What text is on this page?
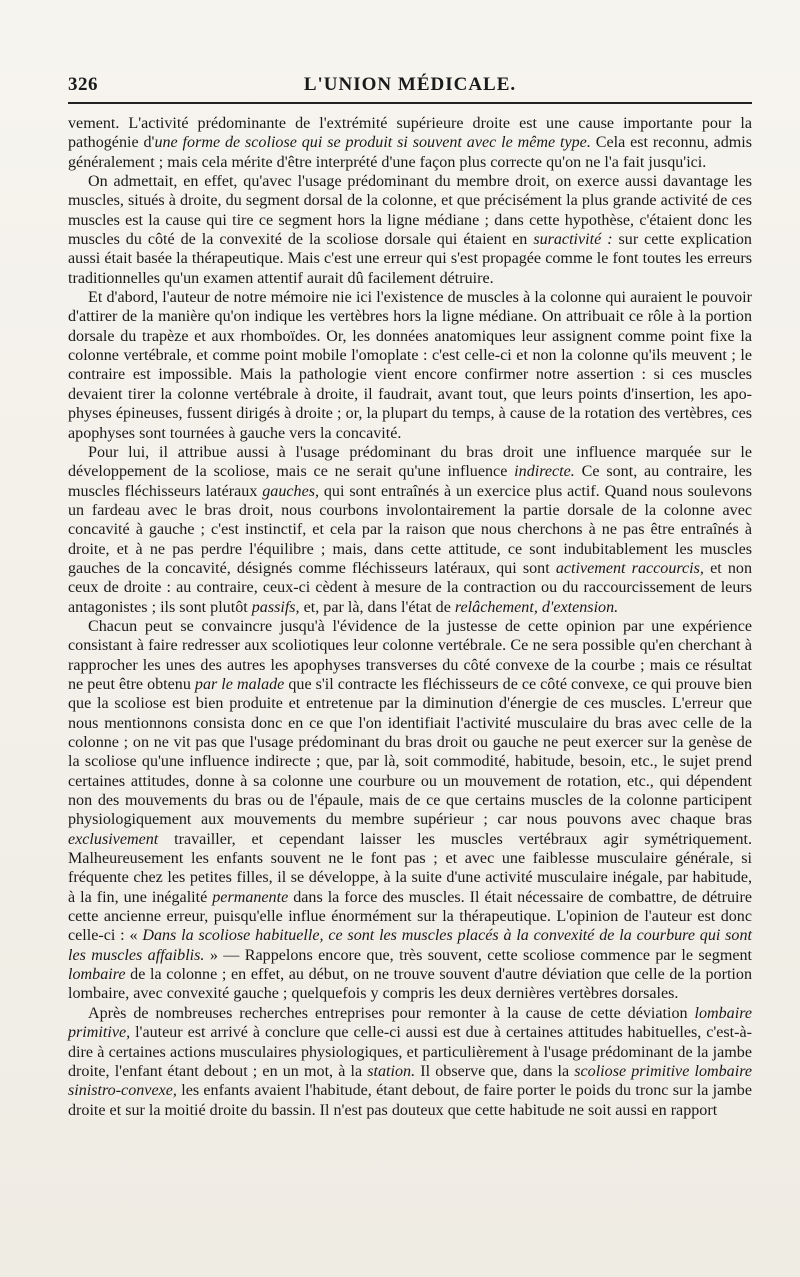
326	L'UNION MÉDICALE.

vement. L'activité prédominante de l'extrémité supérieure droite est une cause importante pour la pathogénie d'une forme de scoliose qui se produit si souvent avec le même type. Cela est reconnu, admis généralement ; mais cela mérite d'être interprété d'une façon plus correcte qu'on ne l'a fait jusqu'ici.

On admettait, en effet, qu'avec l'usage prédominant du membre droit, on exerce aussi davantage les muscles, situés à droite, du segment dorsal de la colonne, et que précisément la plus grande activité de ces muscles est la cause qui tire ce segment hors la ligne médiane ; dans cette hypothèse, c'étaient donc les muscles du côté de la convexité de la scoliose dorsale qui étaient en suractivité : sur cette explication aussi était basée la thérapeutique. Mais c'est une erreur qui s'est propagée comme le font toutes les erreurs traditionnelles qu'un examen attentif aurait dû facilement détruire.

Et d'abord, l'auteur de notre mémoire nie ici l'existence de muscles à la colonne qui auraient le pouvoir d'attirer de la manière qu'on indique les vertèbres hors la ligne médiane. On attribuait ce rôle à la portion dorsale du trapèze et aux rhomboïdes. Or, les données anatomiques leur assignent comme point fixe la colonne vertébrale, et comme point mobile l'omoplate : c'est celle-ci et non la colonne qu'ils meuvent ; le contraire est impossible. Mais la pathologie vient encore confirmer notre assertion : si ces muscles devaient tirer la colonne vertébrale à droite, il faudrait, avant tout, que leurs points d'insertion, les apophyses épineuses, fussent dirigés à droite ; or, la plupart du temps, à cause de la rotation des vertèbres, ces apophyses sont tournées à gauche vers la concavité.

Pour lui, il attribue aussi à l'usage prédominant du bras droit une influence marquée sur le développement de la scoliose, mais ce ne serait qu'une influence indirecte. Ce sont, au contraire, les muscles fléchisseurs latéraux gauches, qui sont entraînés à un exercice plus actif. Quand nous soulevons un fardeau avec le bras droit, nous courbons involontairement la partie dorsale de la colonne avec concavité à gauche ; c'est instinctif, et cela par la raison que nous cherchons à ne pas être entraînés à droite, et à ne pas perdre l'équilibre ; mais, dans cette attitude, ce sont indubitablement les muscles gauches de la concavité, désignés comme fléchisseurs latéraux, qui sont activement raccourcis, et non ceux de droite : au contraire, ceux-ci cèdent à mesure de la contraction ou du raccourcissement de leurs antagonistes ; ils sont plutôt passifs, et, par là, dans l'état de relâchement, d'extension.

Chacun peut se convaincre jusqu'à l'évidence de la justesse de cette opinion par une expérience consistant à faire redresser aux scoliotiques leur colonne vertébrale. Ce ne sera possible qu'en cherchant à rapprocher les unes des autres les apophyses transverses du côté convexe de la courbe ; mais ce résultat ne peut être obtenu par le malade que s'il contracte les fléchisseurs de ce côté convexe, ce qui prouve bien que la scoliose est bien produite et entretenue par la diminution d'énergie de ces muscles. L'erreur que nous mentionnons consista donc en ce que l'on identifiait l'activité musculaire du bras avec celle de la colonne ; on ne vit pas que l'usage prédominant du bras droit ou gauche ne peut exercer sur la genèse de la scoliose qu'une influence indirecte ; que, par là, soit commodité, habitude, besoin, etc., le sujet prend certaines attitudes, donne à sa colonne une courbure ou un mouvement de rotation, etc., qui dépendent non des mouvements du bras ou de l'épaule, mais de ce que certains muscles de la colonne participent physiologiquement aux mouvements du membre supérieur ; car nous pouvons avec chaque bras exclusivement travailler, et cependant laisser les muscles vertébraux agir symétriquement. Malheureusement les enfants souvent ne le font pas ; et avec une faiblesse musculaire générale, si fréquente chez les petites filles, il se développe, à la suite d'une activité musculaire inégale, par habitude, à la fin, une inégalité permanente dans la force des muscles. Il était nécessaire de combattre, de détruire cette ancienne erreur, puisqu'elle influe énormément sur la thérapeutique. L'opinion de l'auteur est donc celle-ci : « Dans la scoliose habituelle, ce sont les muscles placés à la convexité de la courbure qui sont les muscles affaiblis. » — Rappelons encore que, très souvent, cette scoliose commence par le segment lombaire de la colonne ; en effet, au début, on ne trouve souvent d'autre déviation que celle de la portion lombaire, avec convexité gauche ; quelquefois y compris les deux dernières vertèbres dorsales.

Après de nombreuses recherches entreprises pour remonter à la cause de cette déviation lombaire primitive, l'auteur est arrivé à conclure que celle-ci aussi est due à certaines attitudes habituelles, c'est-à-dire à certaines actions musculaires physiologiques, et particulièrement à l'usage prédominant de la jambe droite, l'enfant étant debout ; en un mot, à la station. Il observe que, dans la scoliose primitive lombaire sinistro-convexe, les enfants avaient l'habitude, étant debout, de faire porter le poids du tronc sur la jambe droite et sur la moitié droite du bassin. Il n'est pas douteux que cette habitude ne soit aussi en rapport
